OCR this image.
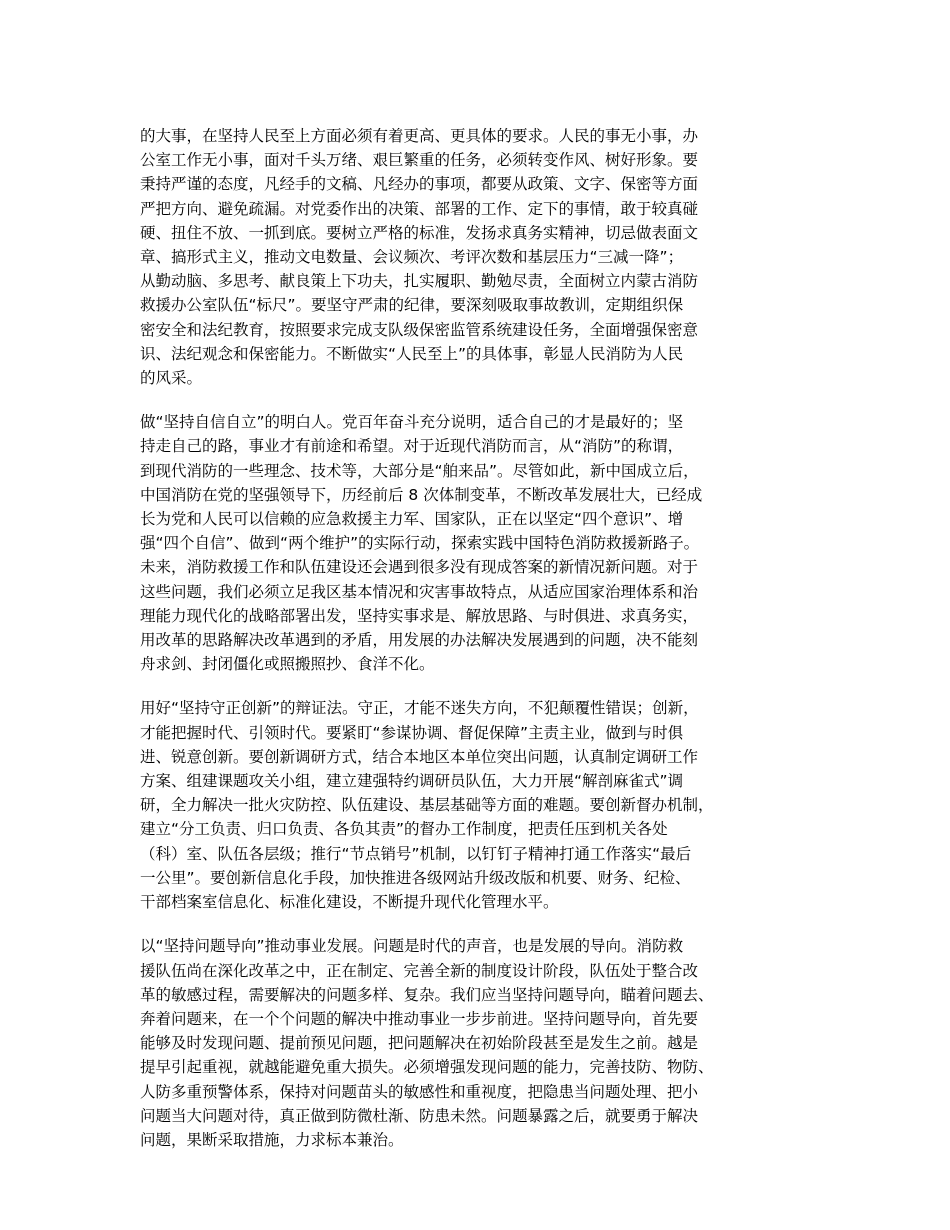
的大事，在坚持人民至上方面必须有着更高、更具体的要求。人民的事无小事，办
公室工作无小事，面对千头万绪、艰巨繁重的任务，必须转变作风、树好形象。要
秉持严谨的态度，凡经手的文稿、凡经办的事项，都要从政策、文字、保密等方面
严把方向、避免疏漏。对党委作出的决策、部署的工作、定下的事情，敢于较真碰
硬、扭住不放、一抓到底。要树立严格的标准，发扬求真务实精神，切忌做表面文
章、搞形式主义，推动文电数量、会议频次、考评次数和基层压力“三减一降”；
从勤动脑、多思考、献良策上下功夫，扎实履职、勤勉尽责，全面树立内蒙古消防
救援办公室队伍“标尺”。要坚守严肃的纪律，要深刻吸取事故教训，定期组织保
密安全和法纪教育，按照要求完成支队级保密监管系统建设任务，全面增强保密意
识、法纪观念和保密能力。不断做实“人民至上”的具体事，彰显人民消防为人民
的风采。
做“坚持自信自立”的明白人。党百年奋斗充分说明，适合自己的才是最好的；坚
持走自己的路，事业才有前途和希望。对于近现代消防而言，从“消防”的称谓，
到现代消防的一些理念、技术等，大部分是“舶来品”。尽管如此，新中国成立后，
中国消防在党的坚强领导下，历经前后 8 次体制变革，不断改革发展壮大，已经成
长为党和人民可以信赖的应急救援主力军、国家队，正在以坚定“四个意识”、增
强“四个自信”、做到“两个维护”的实际行动，探索实践中国特色消防救援新路子。
未来，消防救援工作和队伍建设还会遇到很多没有现成答案的新情况新问题。对于
这些问题，我们必须立足我区基本情况和灾害事故特点，从适应国家治理体系和治
理能力现代化的战略部署出发，坚持实事求是、解放思路、与时俱进、求真务实，
用改革的思路解决改革遇到的矛盾，用发展的办法解决发展遇到的问题，决不能刻
舟求剑、封闭僵化或照搬照抄、食洋不化。
用好“坚持守正创新”的辩证法。守正，才能不迷失方向，不犯颠覆性错误；创新，
才能把握时代、引领时代。要紧盯“参谋协调、督促保障”主责主业，做到与时俱
进、锐意创新。要创新调研方式，结合本地区本单位突出问题，认真制定调研工作
方案、组建课题攻关小组，建立建强特约调研员队伍，大力开展“解剖麻雀式”调
研，全力解决一批火灾防控、队伍建设、基层基础等方面的难题。要创新督办机制，
建立“分工负责、归口负责、各负其责”的督办工作制度，把责任压到机关各处
（科）室、队伍各层级；推行“节点销号”机制，以钉钉子精神打通工作落实“最后
一公里”。要创新信息化手段，加快推进各级网站升级改版和机要、财务、纪检、
干部档案室信息化、标准化建设，不断提升现代化管理水平。
以“坚持问题导向”推动事业发展。问题是时代的声音，也是发展的导向。消防救
援队伍尚在深化改革之中，正在制定、完善全新的制度设计阶段，队伍处于整合改
革的敏感过程，需要解决的问题多样、复杂。我们应当坚持问题导向，瞄着问题去、
奔着问题来，在一个个问题的解决中推动事业一步步前进。坚持问题导向，首先要
能够及时发现问题、提前预见问题，把问题解决在初始阶段甚至是发生之前。越是
提早引起重视，就越能避免重大损失。必须增强发现问题的能力，完善技防、物防、
人防多重预警体系，保持对问题苗头的敏感性和重视度，把隐患当问题处理、把小
问题当大问题对待，真正做到防微杜渐、防患未然。问题暴露之后，就要勇于解决
问题，果断采取措施，力求标本兼治。
